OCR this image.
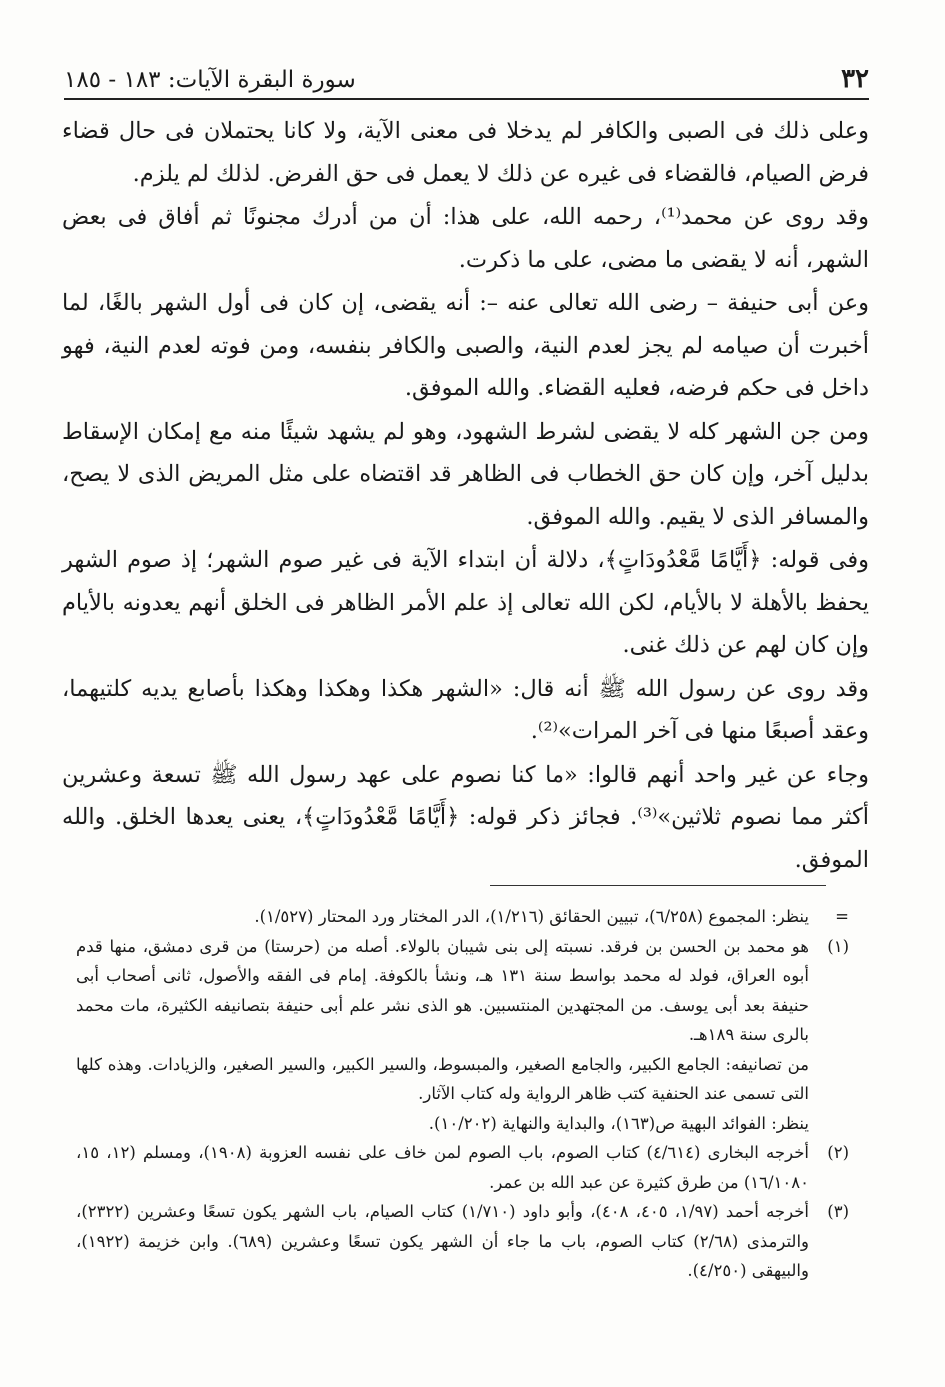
٣٢
سورة البقرة الآيات: ١٨٣ - ١٨٥

وعلى ذلك فى الصبى والكافر لم يدخلا فى معنى الآية، ولا كانا يحتملان فى حال قضاء فرض الصيام، فالقضاء فى غيره عن ذلك لا يعمل فى حق الفرض. لذلك لم يلزم.

وقد روى عن محمد⁽¹⁾، رحمه الله، على هذا: أن من أدرك مجنونًا ثم أفاق فى بعض الشهر، أنه لا يقضى ما مضى، على ما ذكرت.

وعن أبى حنيفة – رضى الله تعالى عنه –: أنه يقضى، إن كان فى أول الشهر بالغًا، لما أخبرت أن صيامه لم يجز لعدم النية، والصبى والكافر بنفسه، ومن فوته لعدم النية، فهو داخل فى حكم فرضه، فعليه القضاء. والله الموفق.

ومن جن الشهر كله لا يقضى لشرط الشهود، وهو لم يشهد شيئًا منه مع إمكان الإسقاط بدليل آخر، وإن كان حق الخطاب فى الظاهر قد اقتضاه على مثل المريض الذى لا يصح، والمسافر الذى لا يقيم. والله الموفق.

وفى قوله: ﴿أَيَّامًا مَّعْدُودَاتٍ﴾، دلالة أن ابتداء الآية فى غير صوم الشهر؛ إذ صوم الشهر يحفظ بالأهلة لا بالأيام، لكن الله تعالى إذ علم الأمر الظاهر فى الخلق أنهم يعدونه بالأيام وإن كان لهم عن ذلك غنى.

وقد روى عن رسول الله ﷺ أنه قال: «الشهر هكذا وهكذا وهكذا بأصابع يديه كلتيهما، وعقد أصبعًا منها فى آخر المرات»⁽²⁾.

وجاء عن غير واحد أنهم قالوا: «ما كنا نصوم على عهد رسول الله ﷺ تسعة وعشرين أكثر مما نصوم ثلاثين»⁽³⁾. فجائز ذكر قوله: ﴿أَيَّامًا مَّعْدُودَاتٍ﴾، يعنى يعدها الخلق. والله الموفق.

=
ينظر: المجموع (٦/٢٥٨)، تبيين الحقائق (١/٢١٦)، الدر المختار ورد المحتار (١/٥٢٧).
(١)
هو محمد بن الحسن بن فرقد. نسبته إلى بنى شيبان بالولاء. أصله من (حرستا) من قرى دمشق، منها قدم أبوه العراق، فولد له محمد بواسط سنة ١٣١ هـ، ونشأ بالكوفة. إمام فى الفقه والأصول، ثانى أصحاب أبى حنيفة بعد أبى يوسف. من المجتهدين المنتسبين. هو الذى نشر علم أبى حنيفة بتصانيفه الكثيرة، مات محمد بالرى سنة ١٨٩هـ.
من تصانيفه: الجامع الكبير، والجامع الصغير، والمبسوط، والسير الكبير، والسير الصغير، والزيادات. وهذه كلها التى تسمى عند الحنفية كتب ظاهر الرواية وله كتاب الآثار.
ينظر: الفوائد البهية ص(١٦٣)، والبداية والنهاية (١٠/٢٠٢).
(٢)
أخرجه البخارى (٤/٦١٤) كتاب الصوم، باب الصوم لمن خاف على نفسه العزوبة (١٩٠٨)، ومسلم (١٢، ١٥، ١٦/١٠٨٠) من طرق كثيرة عن عبد الله بن عمر.
(٣)
أخرجه أحمد (١/٩٧، ٤٠٥، ٤٠٨)، وأبو داود (١/٧١٠) كتاب الصيام، باب الشهر يكون تسعًا وعشرين (٢٣٢٢)، والترمذى (٢/٦٨) كتاب الصوم، باب ما جاء أن الشهر يكون تسعًا وعشرين (٦٨٩). وابن خزيمة (١٩٢٢)، والبيهقى (٤/٢٥٠).
